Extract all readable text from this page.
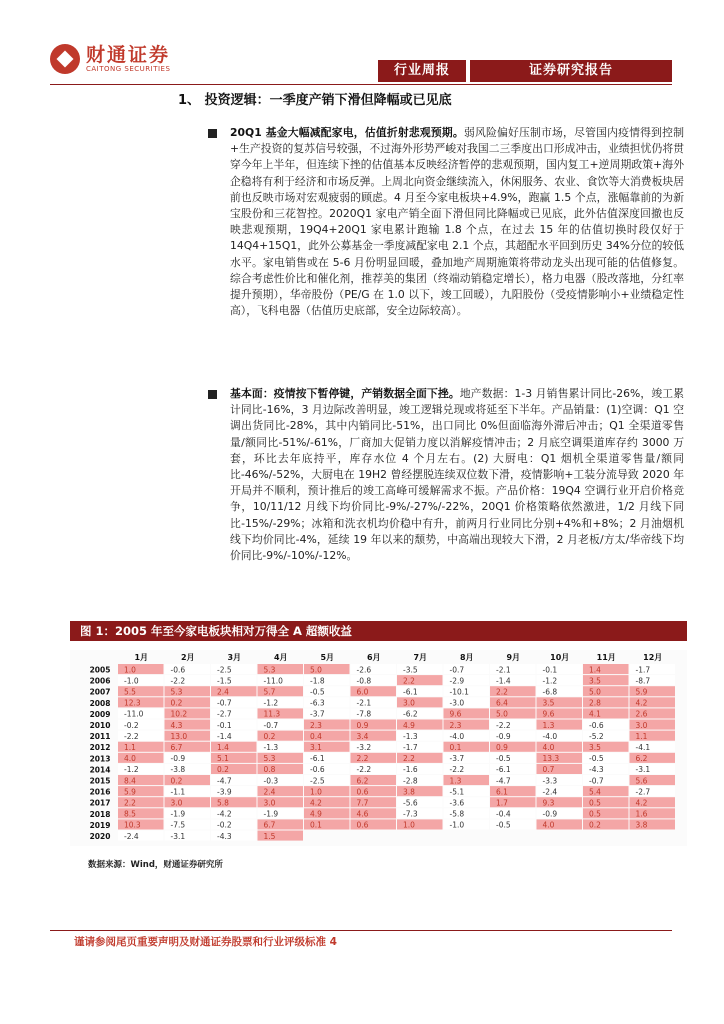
财通证券
CAITONG SECURITIES	行业周报	证券研究报告
1、 投资逻辑：一季度产销下滑但降幅或已见底
20Q1 基金大幅减配家电，估值折射悲观预期。弱风险偏好压制市场，尽管国内疫情得到控制+生产投资的复苏信号较强，不过海外形势严峻对我国二三季度出口形成冲击，业绩担忧仍将贯穿今年上半年，但连续下挫的估值基本反映经济暂停的悲观预期，国内复工+逆周期政策+海外企稳将有利于经济和市场反弹。上周北向资金继续流入，休闲服务、农业、食饮等大消费板块居前也反映市场对宏观疲弱的顾虑。4 月至今家电板块+4.9%，跑赢 1.5 个点，涨幅靠前的为新宝股份和三花智控。2020Q1 家电产销全面下滑但同比降幅或已见底，此外估值深度回撤也反映悲观预期，19Q4+20Q1 家电累计跑输 1.8 个点，在过去 15 年的估值切换时段仅好于 14Q4+15Q1，此外公募基金一季度减配家电 2.1 个点，其超配水平回到历史 34%分位的较低水平。家电销售或在 5-6 月份明显回暖，叠加地产周期施策将带动龙头出现可能的估值修复。综合考虑性价比和催化剂，推荐美的集团（终端动销稳定增长），格力电器（股改落地，分红率提升预期），华帝股份（PE/G 在 1.0 以下，竣工回暖），九阳股份（受疫情影响小+业绩稳定性高），飞科电器（估值历史底部，安全边际较高）。
基本面：疫情按下暂停键，产销数据全面下挫。地产数据：1-3 月销售累计同比-26%，竣工累计同比-16%，3 月边际改善明显，竣工逻辑兑现或将延至下半年。产品销量：(1)空调：Q1 空调出货同比-28%，其中内销同比-51%，出口同比 0%但面临海外滞后冲击；Q1 全渠道零售量/额同比-51%/-61%，厂商加大促销力度以消解疫情冲击；2 月底空调渠道库存约 3000 万套，环比去年底持平，库存水位 4 个月左右。(2) 大厨电：Q1 烟机全渠道零售量/额同比-46%/-52%，大厨电在 19H2 曾经摆脱连续双位数下滑，疫情影响+工装分流导致 2020 年开局并不顺利，预计推后的竣工高峰可缓解需求不振。产品价格：19Q4 空调行业开启价格竞争，10/11/12 月线下均价同比-9%/-27%/-22%，20Q1 价格策略依然激进，1/2 月线下同比-15%/-29%；冰箱和洗衣机均价稳中有升，前两月行业同比分别+4%和+8%；2 月油烟机线下均价同比-4%，延续 19 年以来的颓势，中高端出现较大下滑，2 月老板/方太/华帝线下均价同比-9%/-10%/-12%。
图 1：2005 年至今家电板块相对万得全 A 超额收益
1月	2月	3月	4月	5月	6月	7月	8月	9月	10月	11月	12月
2005 1.0	-0.6	-2.5	5.3	5.0	-2.6	-3.5	-0.7	-2.1	-0.1	1.4	-1.7
2006 -1.0	-2.2	-1.5	-11.0	-1.8	-0.8	2.2	-2.9	-1.4	-1.2	3.5	-8.7
2007 5.5	5.3	2.4	5.7	-0.5	6.0	-6.1	-10.1	2.2	-6.8	5.0	5.9
2008 12.3	0.2	-0.7	-1.2	-6.3	-2.1	3.0	-3.0	6.4	3.5	2.8	4.2
2009 -11.0	10.2	-2.7	11.3	-3.7	-7.8	-6.2	9.6	5.0	9.6	4.1	2.6
2010 -0.2	4.3	-0.1	-0.7	2.3	0.9	4.9	2.3	-2.2	1.3	-0.6	3.0
2011 -2.2	13.0	-1.4	0.2	0.4	3.4	-1.3	-4.0	-0.9	-4.0	-5.2	1.1
2012 1.1	6.7	1.4	-1.3	3.1	-3.2	-1.7	0.1	0.9	4.0	3.5	-4.1
2013 4.0	-0.9	5.1	5.3	-6.1	2.2	2.2	-3.7	-0.5	13.3	-0.5	6.2
2014 -1.2	-3.8	0.2	0.8	-0.6	-2.2	-1.6	-2.2	-6.1	0.7	-4.3	-3.1
2015 8.4	0.2	-4.7	-0.3	-2.5	6.2	-2.8	1.3	-4.7	-3.3	-0.7	5.6
2016 5.9	-1.1	-3.9	2.4	1.0	0.6	3.8	-5.1	6.1	-2.4	5.4	-2.7
2017 2.2	3.0	5.8	3.0	4.2	7.7	-5.6	-3.6	1.7	9.3	0.5	4.2
2018 8.5	-1.9	-4.2	-1.9	4.9	4.6	-7.3	-5.8	-0.4	-0.9	0.5	1.6
2019 10.3	-7.5	-0.2	6.7	0.1	0.6	1.0	-1.0	-0.5	4.0	0.2	3.8
2020 -2.4	-3.1	-4.3	1.5
数据来源：Wind，财通证券研究所
谨请参阅尾页重要声明及财通证券股票和行业评级标准 4
